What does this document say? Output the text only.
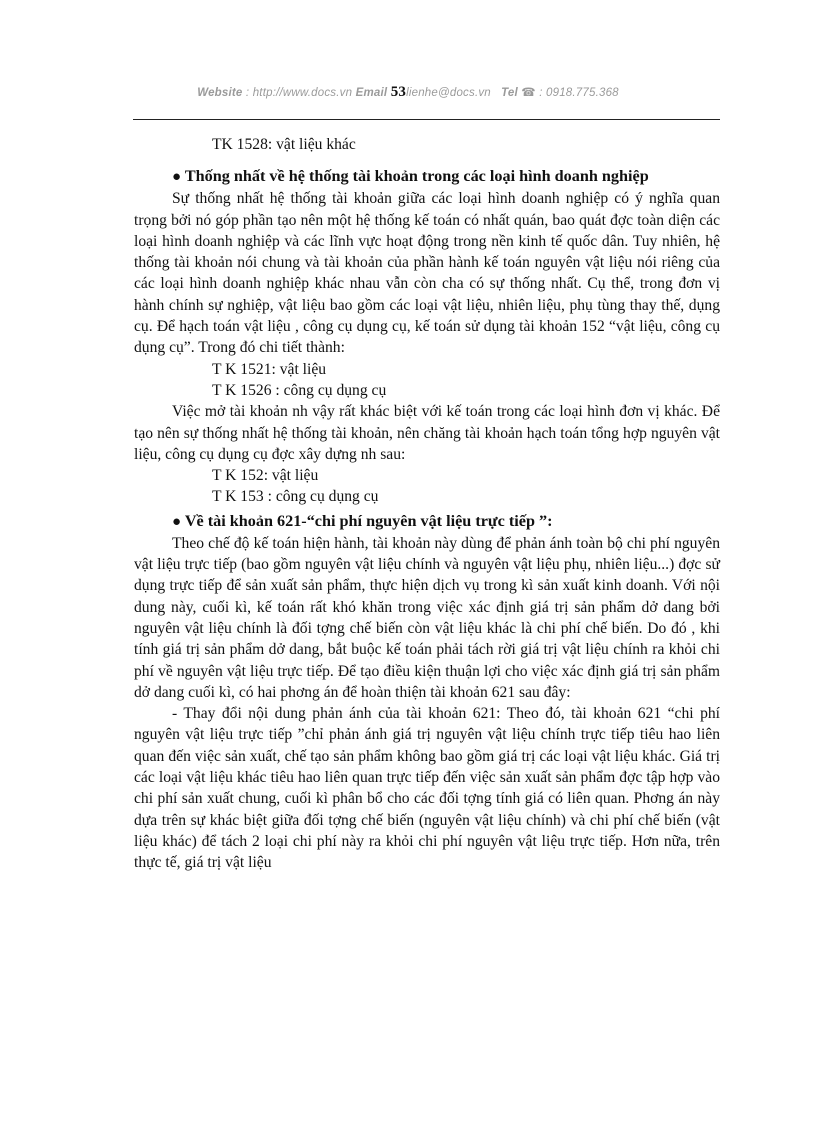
Website : http://www.docs.vn Email 53lienhe@docs.vn Tel ☎ : 0918.775.368

TK 1528: vật liệu khác

● Thống nhất về hệ thống tài khoản trong các loại hình doanh nghiệp

Sự thống nhất hệ thống tài khoản giữa các loại hình doanh nghiệp có ý nghĩa quan trọng bởi nó góp phần tạo nên một hệ thống kế toán có nhất quán, bao quát đợc toàn diện các loại hình doanh nghiệp và các lĩnh vực hoạt động trong nền kinh tế quốc dân. Tuy nhiên, hệ thống tài khoản nói chung và tài khoản của phần hành kế toán nguyên vật liệu nói riêng của các loại hình doanh nghiệp khác nhau vẫn còn cha có sự thống nhất. Cụ thể, trong đơn vị hành chính sự nghiệp, vật liệu bao gồm các loại vật liệu, nhiên liệu, phụ tùng thay thế, dụng cụ. Để hạch toán vật liệu , công cụ dụng cụ, kế toán sử dụng tài khoản 152 “vật liệu, công cụ dụng cụ”. Trong đó chi tiết thành:

T K 1521: vật liệu

T K 1526 : công cụ dụng cụ

Việc mở tài khoản nh vậy rất khác biệt với kế toán trong các loại hình đơn vị khác. Để tạo nên sự thống nhất hệ thống tài khoản, nên chăng tài khoản hạch toán tổng hợp nguyên vật liệu, công cụ dụng cụ đợc xây dựng nh sau:

T K 152: vật liệu

T K 153 : công cụ dụng cụ

● Về tài khoản 621-“chi phí nguyên vật liệu trực tiếp ”:

Theo chế độ kế toán hiện hành, tài khoản này dùng để phản ánh toàn bộ chi phí nguyên vật liệu trực tiếp (bao gồm nguyên vật liệu chính và nguyên vật liệu phụ, nhiên liệu...) đợc sử dụng trực tiếp để sản xuất sản phẩm, thực hiện dịch vụ trong kì sản xuất kinh doanh. Với nội dung này, cuối kì, kế toán rất khó khăn trong việc xác định giá trị sản phẩm dở dang bởi nguyên vật liệu chính là đối tợng chế biến còn vật liệu khác là chi phí chế biến. Do đó , khi tính giá trị sản phẩm dở dang, bắt buộc kế toán phải tách rời giá trị vật liệu chính ra khỏi chi phí về nguyên vật liệu trực tiếp. Để tạo điều kiện thuận lợi cho việc xác định giá trị sản phẩm dở dang cuối kì, có hai phơng án để hoàn thiện tài khoản 621 sau đây:

- Thay đổi nội dung phản ánh của tài khoản 621: Theo đó, tài khoản 621 “chi phí nguyên vật liệu trực tiếp ”chỉ phản ánh giá trị nguyên vật liệu chính trực tiếp tiêu hao liên quan đến việc sản xuất, chế tạo sản phẩm không bao gồm giá trị các loại vật liệu khác. Giá trị các loại vật liệu khác tiêu hao liên quan trực tiếp đến việc sản xuất sản phẩm đợc tập hợp vào chi phí sản xuất chung, cuối kì phân bổ cho các đối tợng tính giá có liên quan. Phơng án này dựa trên sự khác biệt giữa đối tợng chế biến (nguyên vật liệu chính) và chi phí chế biến (vật liệu khác) để tách 2 loại chi phí này ra khỏi chi phí nguyên vật liệu trực tiếp. Hơn nữa, trên thực tế, giá trị vật liệu
